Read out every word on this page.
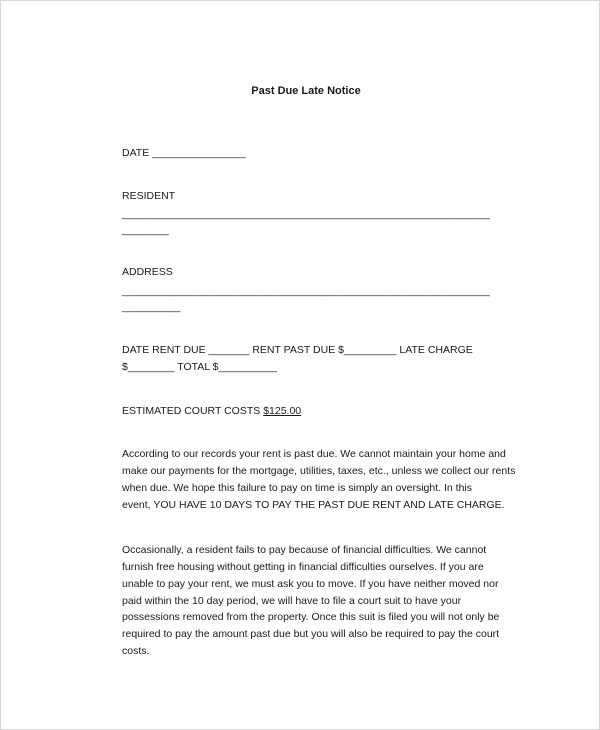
Past Due Late Notice
DATE ________________
RESIDENT
_______________________________________________________________
________
ADDRESS
_______________________________________________________________
__________
DATE RENT DUE _______ RENT PAST DUE $_________ LATE CHARGE
$________ TOTAL $__________
ESTIMATED COURT COSTS $125.00
According to our records your rent is past due. We cannot maintain your home and
make our payments for the mortgage, utilities, taxes, etc., unless we collect our rents
when due. We hope this failure to pay on time is simply an oversight. In this
event, YOU HAVE 10 DAYS TO PAY THE PAST DUE RENT AND LATE CHARGE.
Occasionally, a resident fails to pay because of financial difficulties. We cannot
furnish free housing without getting in financial difficulties ourselves. If you are
unable to pay your rent, we must ask you to move. If you have neither moved nor
paid within the 10 day period, we will have to file a court suit to have your
possessions removed from the property. Once this suit is filed you will not only be
required to pay the amount past due but you will also be required to pay the court
costs.
